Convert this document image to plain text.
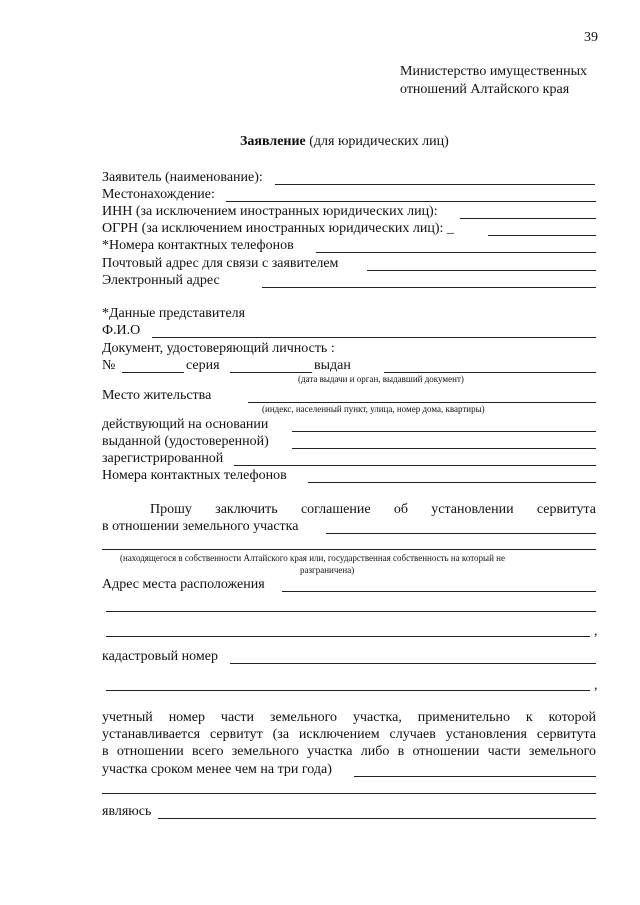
39
Министерство имущественных
отношений Алтайского края
Заявление (для юридических лиц)
Заявитель (наименование):
Местонахождение:
ИНН (за исключением иностранных юридических лиц):
ОГРН (за исключением иностранных юридических лиц): _
*Номера контактных телефонов
Почтовый адрес для связи с заявителем
Электронный адрес
*Данные представителя
Ф.И.О
Документ, удостоверяющий личность :
№	серия	выдан
(дата выдачи и орган, выдавший документ)
Место жительства
(индекс, населенный пункт, улица, номер дома, квартиры)
действующий на основании
выданной (удостоверенной)
зарегистрированной
Номера контактных телефонов
Прошу заключить соглашение об установлении сервитута
в отношении земельного участка
(находящегося в собственности Алтайского края или, государственная собственность на который не
разграничена)
Адрес места расположения
,
кадастровый номер
,
учетный номер части земельного участка, применительно к которой
устанавливается сервитут (за исключением случаев установления сервитута
в отношении всего земельного участка либо в отношении части земельного
участка сроком менее чем на три года)
являюсь
